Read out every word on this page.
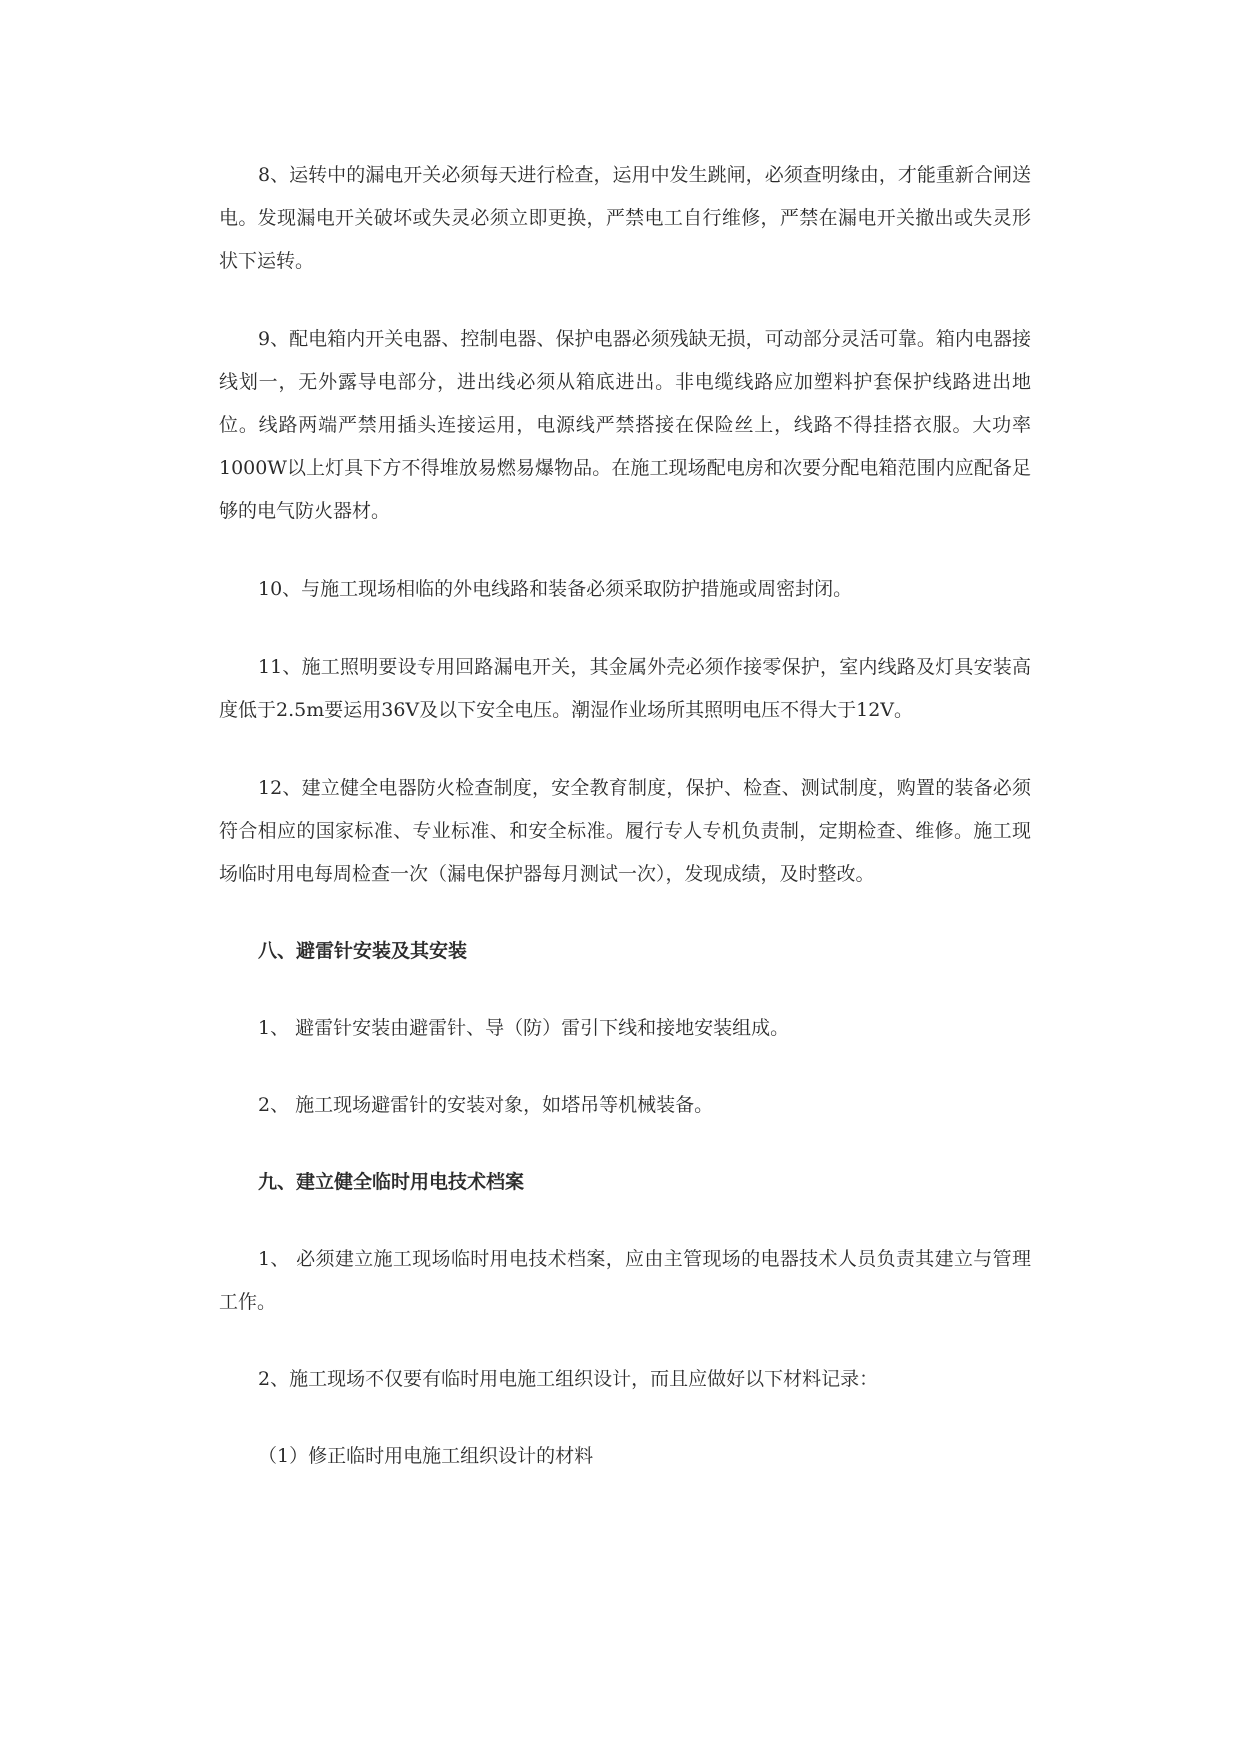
8、运转中的漏电开关必须每天进行检查，运用中发生跳闸，必须查明缘由，才能重新合闸送电。发现漏电开关破坏或失灵必须立即更换，严禁电工自行维修，严禁在漏电开关撤出或失灵形状下运转。

9、配电箱内开关电器、控制电器、保护电器必须残缺无损，可动部分灵活可靠。箱内电器接线划一，无外露导电部分，进出线必须从箱底进出。非电缆线路应加塑料护套保护线路进出地位。线路两端严禁用插头连接运用，电源线严禁搭接在保险丝上，线路不得挂搭衣服。大功率1000W以上灯具下方不得堆放易燃易爆物品。在施工现场配电房和次要分配电箱范围内应配备足够的电气防火器材。

10、与施工现场相临的外电线路和装备必须采取防护措施或周密封闭。

11、施工照明要设专用回路漏电开关，其金属外壳必须作接零保护，室内线路及灯具安装高度低于2.5m要运用36V及以下安全电压。潮湿作业场所其照明电压不得大于12V。

12、建立健全电器防火检查制度，安全教育制度，保护、检查、测试制度，购置的装备必须符合相应的国家标准、专业标准、和安全标准。履行专人专机负责制，定期检查、维修。施工现场临时用电每周检查一次（漏电保护器每月测试一次），发现成绩，及时整改。

八、避雷针安装及其安装

1、 避雷针安装由避雷针、导（防）雷引下线和接地安装组成。

2、 施工现场避雷针的安装对象，如塔吊等机械装备。

九、建立健全临时用电技术档案

1、 必须建立施工现场临时用电技术档案，应由主管现场的电器技术人员负责其建立与管理工作。

2、施工现场不仅要有临时用电施工组织设计，而且应做好以下材料记录：

（1）修正临时用电施工组织设计的材料
